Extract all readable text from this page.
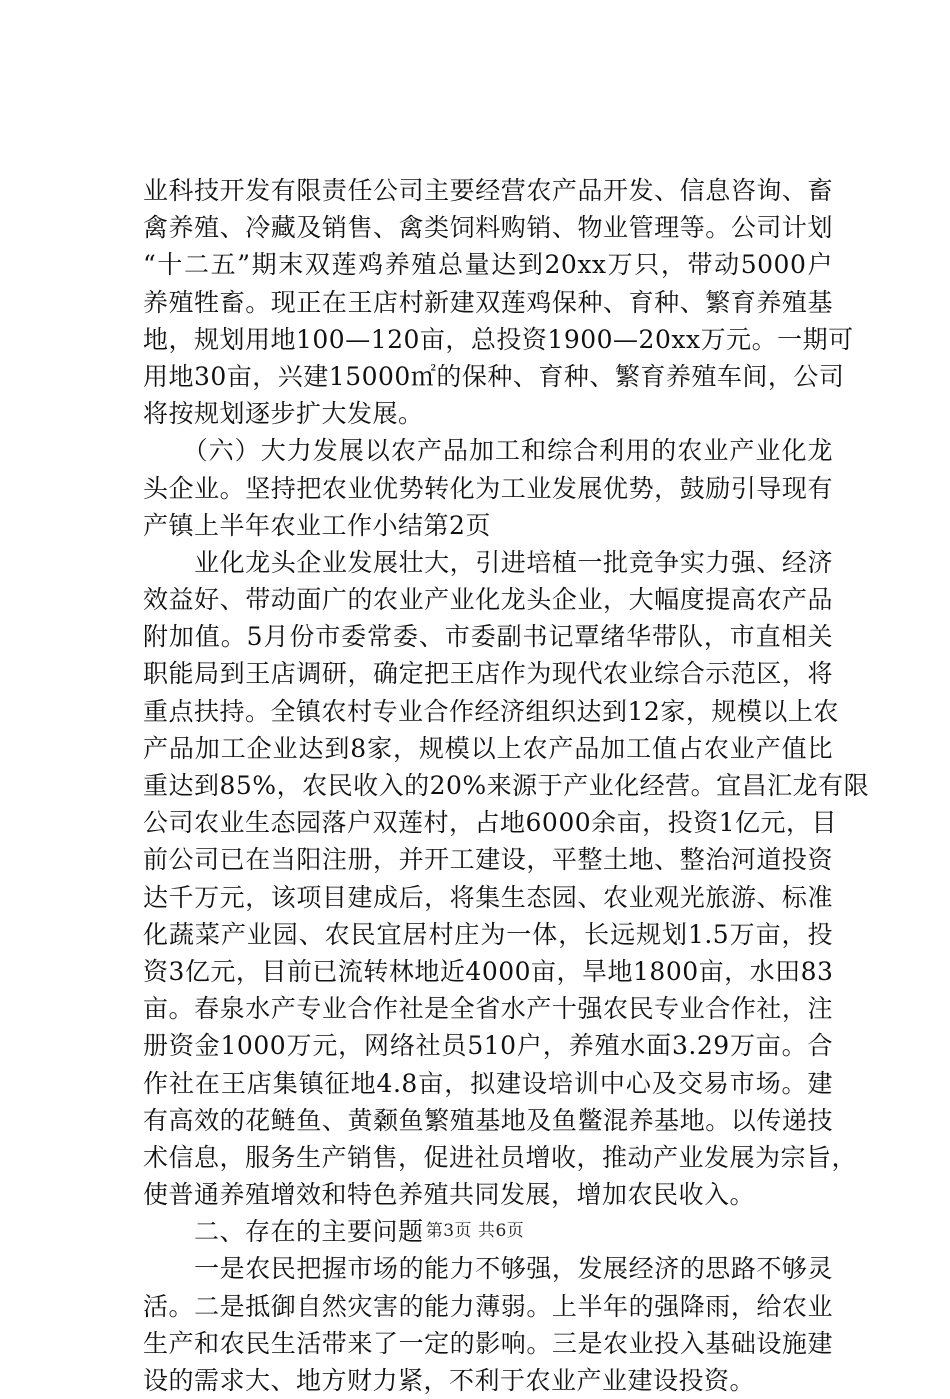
业科技开发有限责任公司主要经营农产品开发、信息咨询、畜
禽养殖、冷藏及销售、禽类饲料购销、物业管理等。公司计划
“十二五”期末双莲鸡养殖总量达到20xx万只，带动5000户
养殖牲畜。现正在王店村新建双莲鸡保种、育种、繁育养殖基
地，规划用地100—120亩，总投资1900—20xx万元。一期可
用地30亩，兴建15000㎡的保种、育种、繁育养殖车间，公司
将按规划逐步扩大发展。
　　（六）大力发展以农产品加工和综合利用的农业产业化龙
头企业。坚持把农业优势转化为工业发展优势，鼓励引导现有
产镇上半年农业工作小结第2页
　　业化龙头企业发展壮大，引进培植一批竞争实力强、经济
效益好、带动面广的农业产业化龙头企业，大幅度提高农产品
附加值。5月份市委常委、市委副书记覃绪华带队，市直相关
职能局到王店调研，确定把王店作为现代农业综合示范区，将
重点扶持。全镇农村专业合作经济组织达到12家，规模以上农
产品加工企业达到8家，规模以上农产品加工值占农业产值比
重达到85%，农民收入的20%来源于产业化经营。宜昌汇龙有限
公司农业生态园落户双莲村，占地6000余亩，投资1亿元，目
前公司已在当阳注册，并开工建设，平整土地、整治河道投资
达千万元，该项目建成后，将集生态园、农业观光旅游、标准
化蔬菜产业园、农民宜居村庄为一体，长远规划1.5万亩，投
资3亿元，目前已流转林地近4000亩，旱地1800亩，水田83
亩。春泉水产专业合作社是全省水产十强农民专业合作社，注
册资金1000万元，网络社员510户，养殖水面3.29万亩。合
作社在王店集镇征地4.8亩，拟建设培训中心及交易市场。建
有高效的花鲢鱼、黄颡鱼繁殖基地及鱼鳖混养基地。以传递技
术信息，服务生产销售，促进社员增收，推动产业发展为宗旨，
使普通养殖增效和特色养殖共同发展，增加农民收入。
　　二、存在的主要问题
　　一是农民把握市场的能力不够强，发展经济的思路不够灵
活。二是抵御自然灾害的能力薄弱。上半年的强降雨，给农业
生产和农民生活带来了一定的影响。三是农业投入基础设施建
设的需求大、地方财力紧，不利于农业产业建设投资。
第3页 共6页
